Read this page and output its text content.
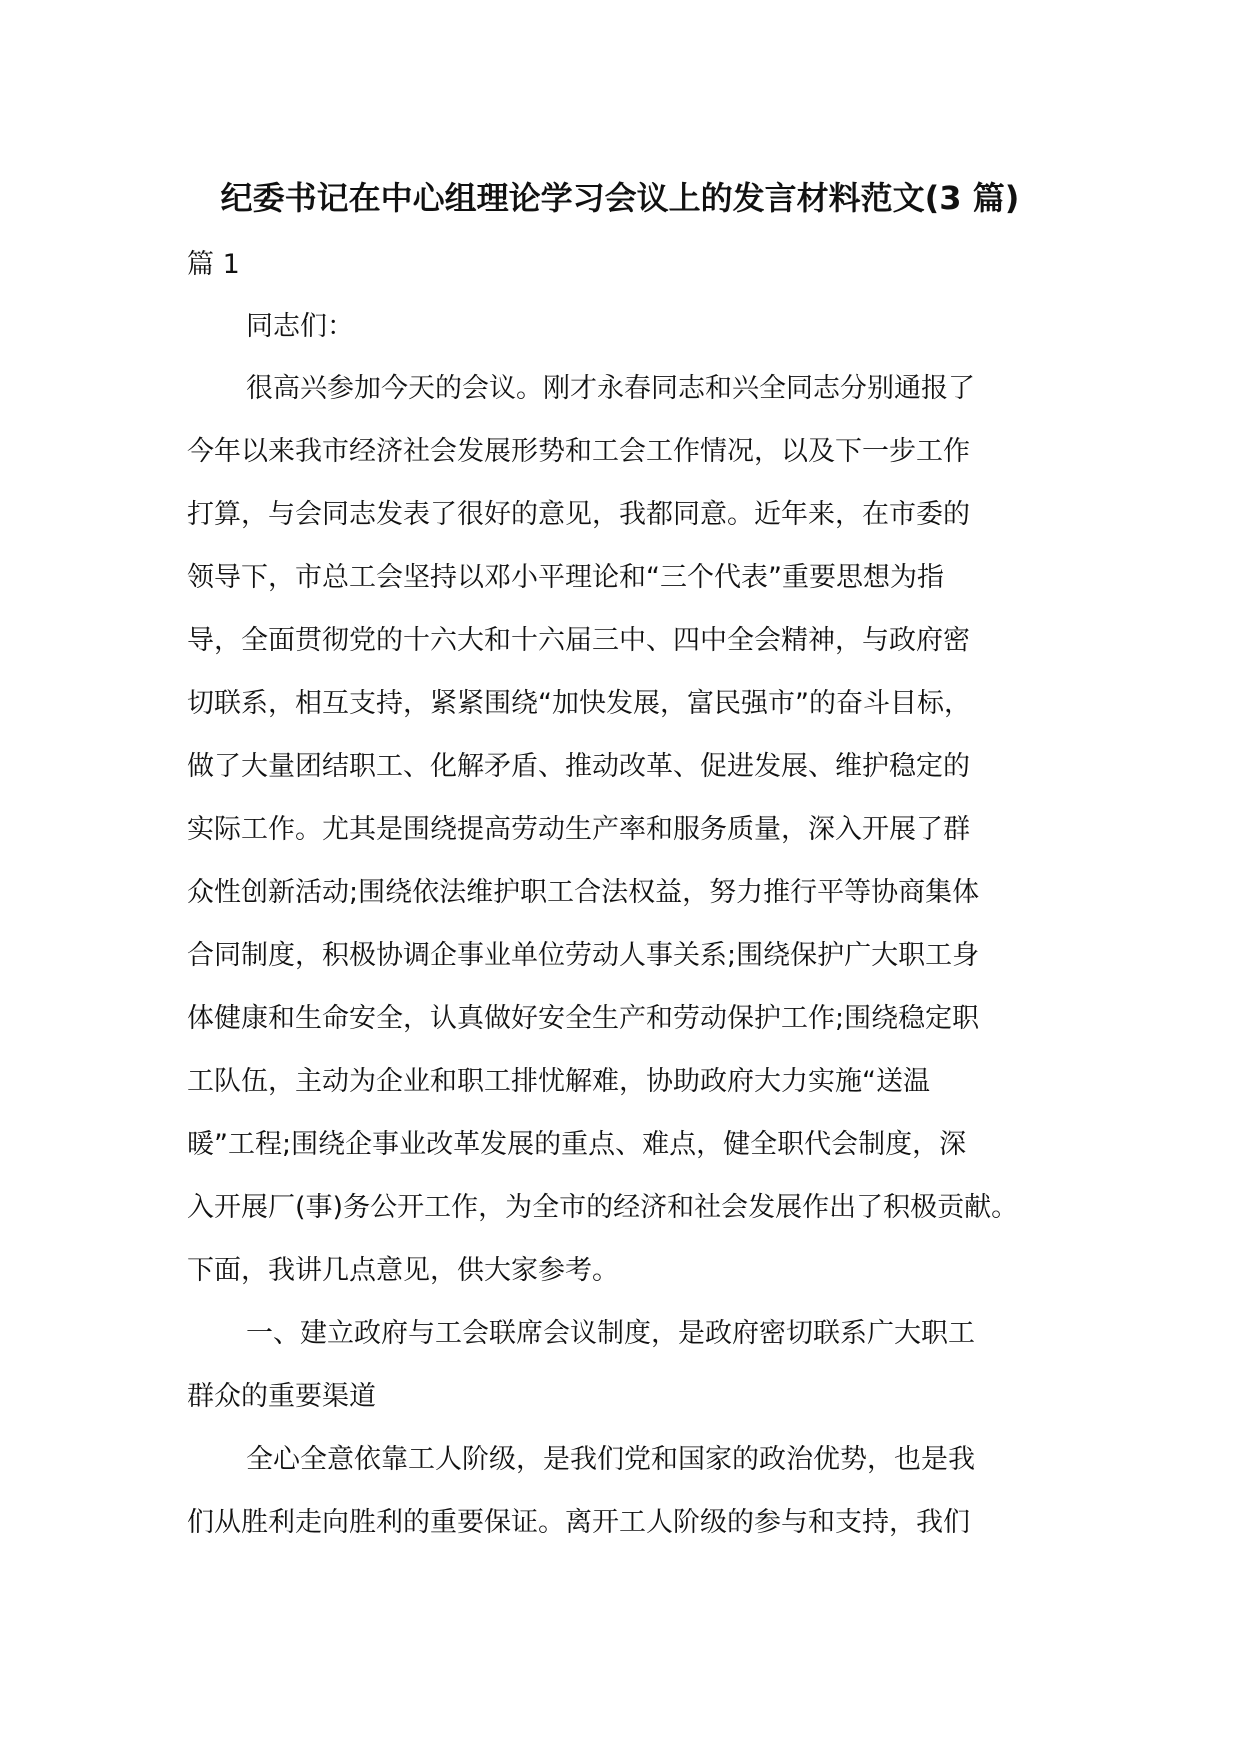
纪委书记在中心组理论学习会议上的发言材料范文(3 篇)
篇 1
同志们：
很高兴参加今天的会议。刚才永春同志和兴全同志分别通报了
今年以来我市经济社会发展形势和工会工作情况，以及下一步工作
打算，与会同志发表了很好的意见，我都同意。近年来，在市委的
领导下，市总工会坚持以邓小平理论和“三个代表”重要思想为指
导，全面贯彻党的十六大和十六届三中、四中全会精神，与政府密
切联系，相互支持，紧紧围绕“加快发展，富民强市”的奋斗目标，
做了大量团结职工、化解矛盾、推动改革、促进发展、维护稳定的
实际工作。尤其是围绕提高劳动生产率和服务质量，深入开展了群
众性创新活动;围绕依法维护职工合法权益，努力推行平等协商集体
合同制度，积极协调企事业单位劳动人事关系;围绕保护广大职工身
体健康和生命安全，认真做好安全生产和劳动保护工作;围绕稳定职
工队伍，主动为企业和职工排忧解难，协助政府大力实施“送温
暖”工程;围绕企事业改革发展的重点、难点，健全职代会制度，深
入开展厂(事)务公开工作，为全市的经济和社会发展作出了积极贡献。
下面，我讲几点意见，供大家参考。
一、建立政府与工会联席会议制度，是政府密切联系广大职工
群众的重要渠道
全心全意依靠工人阶级，是我们党和国家的政治优势，也是我
们从胜利走向胜利的重要保证。离开工人阶级的参与和支持，我们
